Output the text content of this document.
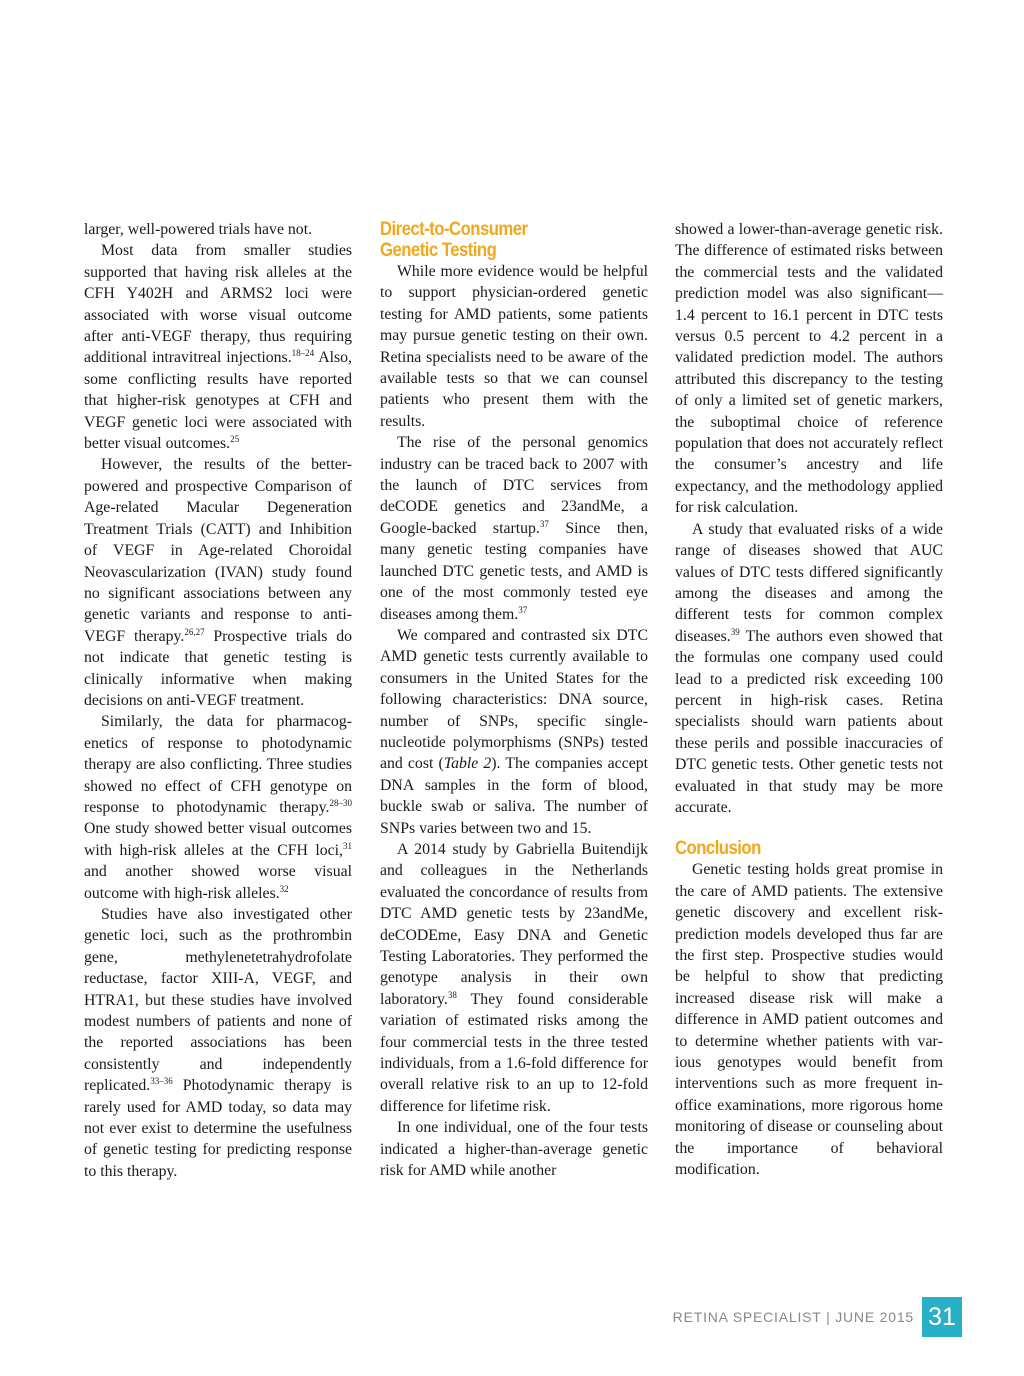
larger, well-powered trials have not.

Most data from smaller studies supported that having risk alleles at the CFH Y402H and ARMS2 loci were associated with worse visual outcome after anti-VEGF therapy, thus requiring additional intravitreal injections.$^{18-24}$ Also, some conflicting results have reported that higher-risk genotypes at CFH and VEGF genetic loci were associated with better visual outcomes.$^{25}$

However, the results of the better-powered and prospective Comparison of Age-related Macular Degeneration Treatment Trials (CATT) and Inhibition of VEGF in Age-related Choroidal Neovascularization (IVAN) study found no significant associations between any genetic variants and response to anti-VEGF therapy.$^{26,27}$ Prospective trials do not indicate that genetic testing is clinically informative when making decisions on anti-VEGF treatment.

Similarly, the data for pharmacogenetics of response to photodynamic therapy are also conflicting. Three studies showed no effect of CFH genotype on response to photodynamic therapy.$^{28-30}$ One study showed better visual outcomes with high-risk alleles at the CFH loci,$^{31}$ and another showed worse visual outcome with high-risk alleles.$^{32}$

Studies have also investigated other genetic loci, such as the prothrombin gene, methylenetetrahydrofolate reductase, factor XIII-A, VEGF, and HTRA1, but these studies have involved modest numbers of patients and none of the reported associations has been consistently and independently replicated.$^{33-36}$ Photodynamic therapy is rarely used for AMD today, so data may not ever exist to determine the usefulness of genetic testing for predicting response to this therapy.

Direct-to-Consumer
Genetic Testing

While more evidence would be helpful to support physician-ordered genetic testing for AMD patients, some patients may pursue genetic testing on their own. Retina specialists need to be aware of the available tests so that we can counsel patients who present them with the results.

The rise of the personal genomics industry can be traced back to 2007 with the launch of DTC services from deCODE genetics and 23andMe, a Google-backed startup.$^{37}$ Since then, many genetic testing companies have launched DTC genetic tests, and AMD is one of the most commonly tested eye diseases among them.$^{37}$

We compared and contrasted six DTC AMD genetic tests currently available to consumers in the United States for the following characteristics: DNA source, number of SNPs, specific single-nucleotide polymorphisms (SNPs) tested and cost (Table 2). The companies accept DNA samples in the form of blood, buckle swab or saliva. The number of SNPs varies between two and 15.

A 2014 study by Gabriella Buitendijk and colleagues in the Netherlands evaluated the concordance of results from DTC AMD genetic tests by 23andMe, deCODEme, Easy DNA and Genetic Testing Laboratories. They performed the genotype analysis in their own laboratory.$^{38}$ They found considerable variation of estimated risks among the four commercial tests in the three tested individuals, from a 1.6-fold difference for overall relative risk to an up to 12-fold difference for lifetime risk.

In one individual, one of the four tests indicated a higher-than-average genetic risk for AMD while another

showed a lower-than-average genetic risk. The difference of estimated risks between the commercial tests and the validated prediction model was also significant—1.4 percent to 16.1 percent in DTC tests versus 0.5 percent to 4.2 percent in a validated prediction model. The authors attributed this discrepancy to the testing of only a limited set of genetic markers, the suboptimal choice of reference population that does not accurately reflect the consumer’s ancestry and life expectancy, and the methodology applied for risk calculation.

A study that evaluated risks of a wide range of diseases showed that AUC values of DTC tests differed significantly among the diseases and among the different tests for common complex diseases.$^{39}$ The authors even showed that the formulas one company used could lead to a predicted risk exceeding 100 percent in high-risk cases. Retina specialists should warn patients about these perils and possible inaccuracies of DTC genetic tests. Other genetic tests not evaluated in that study may be more accurate.

Conclusion

Genetic testing holds great promise in the care of AMD patients. The extensive genetic discovery and excellent risk-prediction models developed thus far are the first step. Prospective studies would be helpful to show that predicting increased disease risk will make a difference in AMD patient outcomes and to determine whether patients with various genotypes would benefit from interventions such as more frequent in-office examinations, more rigorous home monitoring of disease or counseling about the importance of behavioral modification.

RETINA SPECIALIST | JUNE 2015 31
